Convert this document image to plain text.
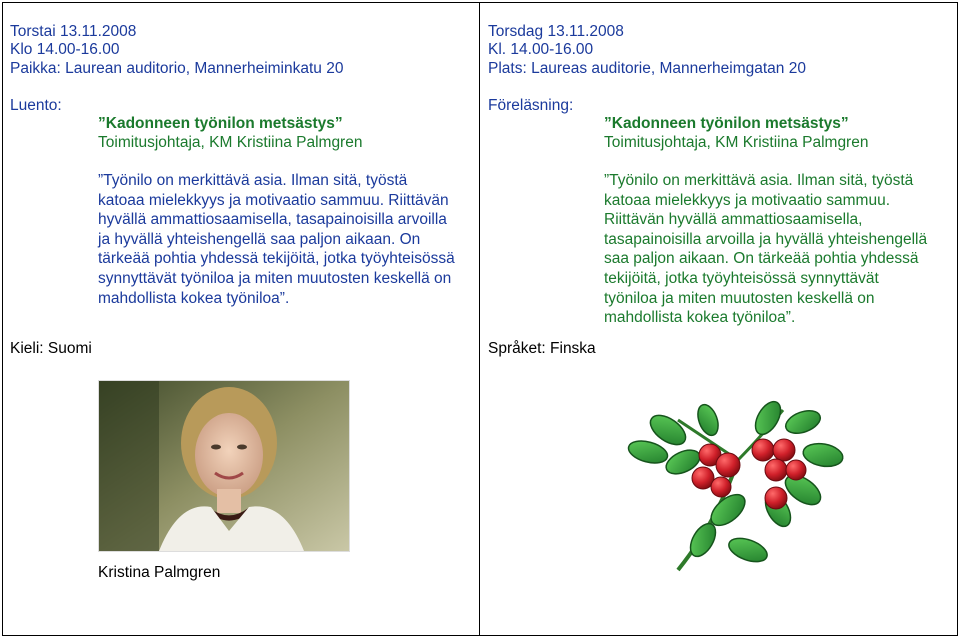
Torstai 13.11.2008
Klo 14.00-16.00
Paikka: Laurean auditorio, Mannerheiminkatu 20
Luento:
”Kadonneen työnilon metsästys”
Toimitusjohtaja, KM Kristiina Palmgren
”Työnilo on merkittävä asia. Ilman sitä, työstä
katoaa mielekkyys ja motivaatio sammuu. Riittävän
hyvällä ammattiosaamisella, tasapainoisilla arvoilla
ja hyvällä yhteishengellä saa paljon aikaan. On
tärkeää pohtia yhdessä tekijöitä, jotka työyhteisössä
synnyttävät työniloa ja miten muutosten keskellä on
mahdollista kokea työniloa”.
Kieli: Suomi
Kristina Palmgren
Torsdag 13.11.2008
Kl. 14.00-16.00
Plats: Laureas auditorie, Mannerheimgatan 20
Föreläsning:
”Kadonneen työnilon metsästys”
Toimitusjohtaja, KM Kristiina Palmgren
”Työnilo on merkittävä asia. Ilman sitä, työstä
katoaa mielekkyys ja motivaatio sammuu.
Riittävän hyvällä ammattiosaamisella,
tasapainoisilla arvoilla ja hyvällä yhteishengellä
saa paljon aikaan. On tärkeää pohtia yhdessä
tekijöitä, jotka työyhteisössä synnyttävät
työniloa ja miten muutosten keskellä on
mahdollista kokea työniloa”.
Språket: Finska
